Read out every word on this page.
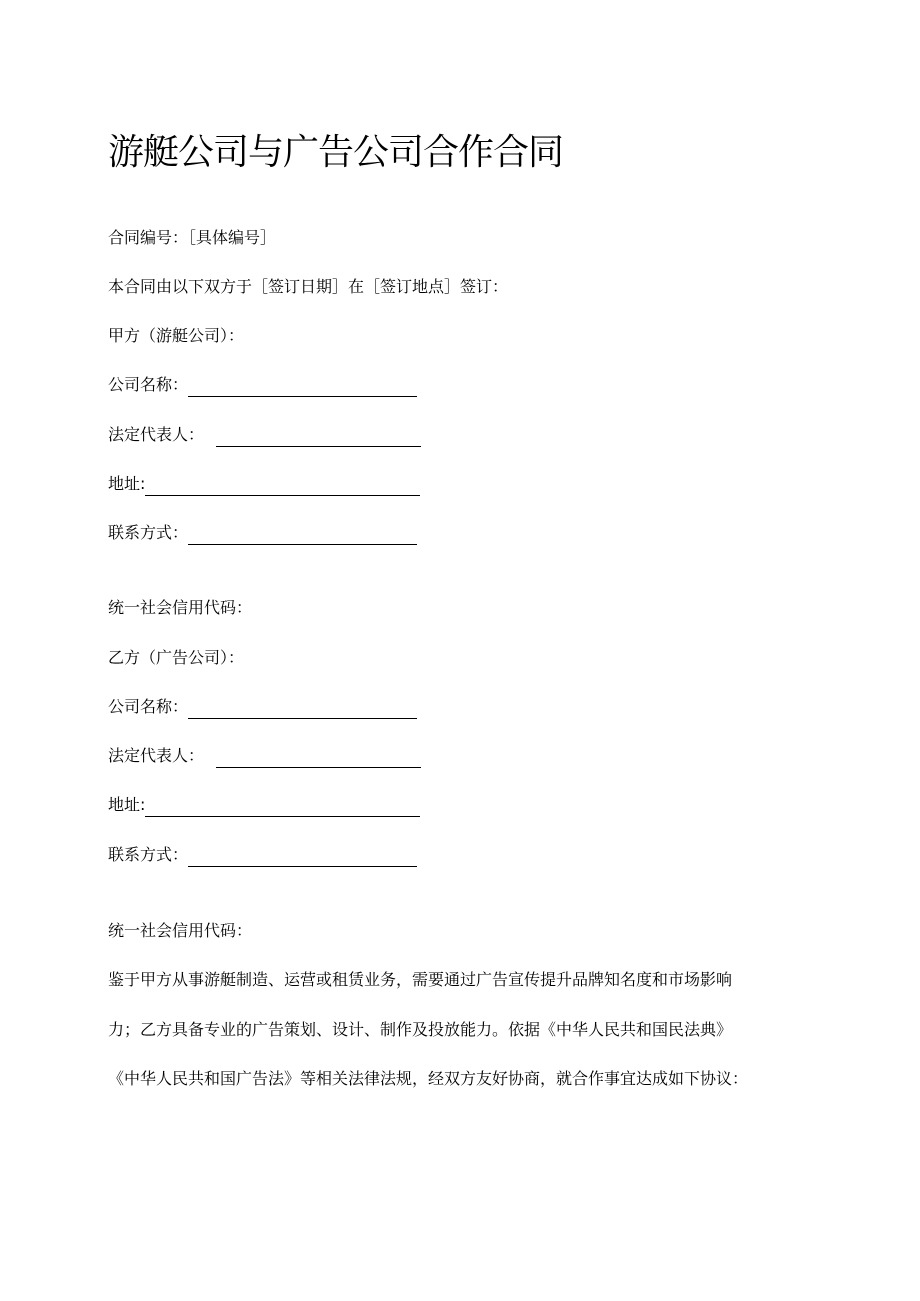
游艇公司与广告公司合作合同
合同编号：［具体编号］
本合同由以下双方于［签订日期］在［签订地点］签订：
甲方（游艇公司）：
公司名称：
法定代表人：
地址:
联系方式：
统一社会信用代码：
乙方（广告公司）：
公司名称：
法定代表人：
地址:
联系方式：
统一社会信用代码：
鉴于甲方从事游艇制造、运营或租赁业务，需要通过广告宣传提升品牌知名度和市场影响
力；乙方具备专业的广告策划、设计、制作及投放能力。依据《中华人民共和国民法典》
《中华人民共和国广告法》等相关法律法规，经双方友好协商，就合作事宜达成如下协议：
